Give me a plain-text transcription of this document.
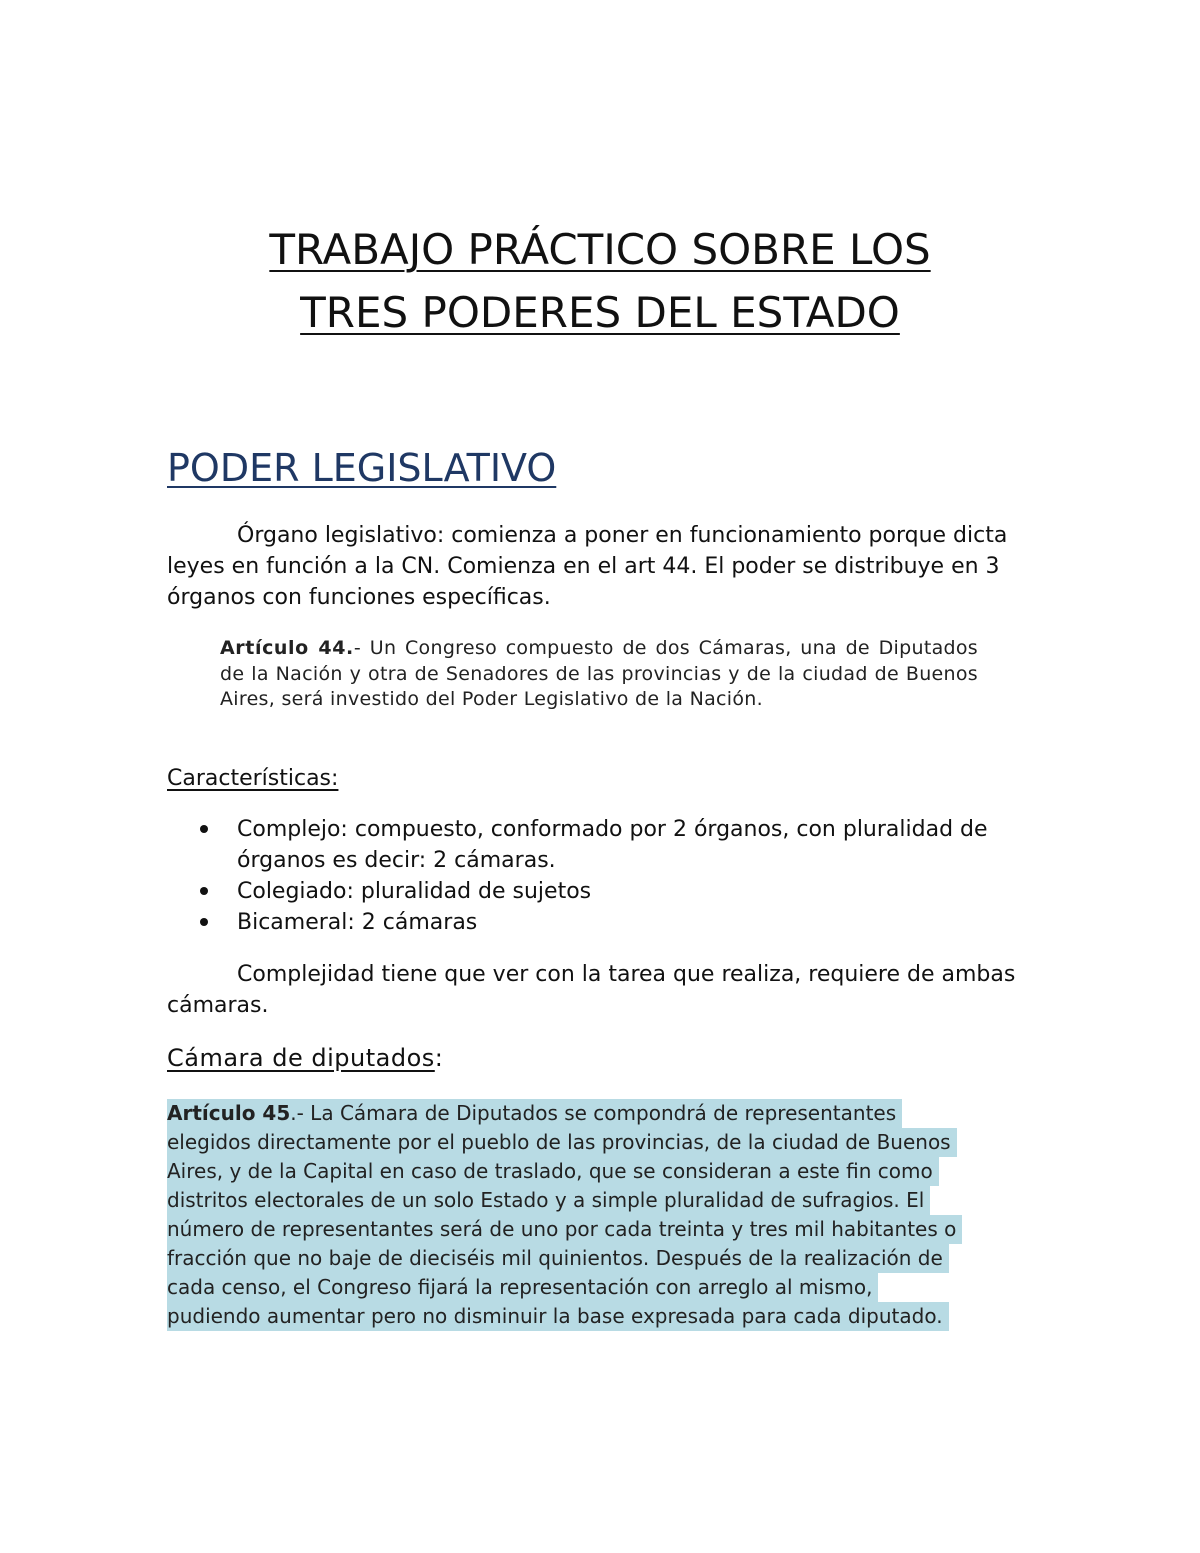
TRABAJO PRÁCTICO SOBRE LOS
TRES PODERES DEL ESTADO
PODER LEGISLATIVO
Órgano legislativo: comienza a poner en funcionamiento porque dicta leyes en función a la CN. Comienza en el art 44. El poder se distribuye en 3 órganos con funciones específicas.
Artículo 44.- Un Congreso compuesto de dos Cámaras, una de Diputados de la Nación y otra de Senadores de las provincias y de la ciudad de Buenos Aires, será investido del Poder Legislativo de la Nación.
Características:
Complejo: compuesto, conformado por 2 órganos, con pluralidad de órganos es decir: 2 cámaras.
Colegiado: pluralidad de sujetos
Bicameral: 2 cámaras
Complejidad tiene que ver con la tarea que realiza, requiere de ambas cámaras.
Cámara de diputados:
Artículo 45.- La Cámara de Diputados se compondrá de representantes
elegidos directamente por el pueblo de las provincias, de la ciudad de Buenos
Aires, y de la Capital en caso de traslado, que se consideran a este fin como
distritos electorales de un solo Estado y a simple pluralidad de sufragios. El
número de representantes será de uno por cada treinta y tres mil habitantes o
fracción que no baje de dieciséis mil quinientos. Después de la realización de
cada censo, el Congreso fijará la representación con arreglo al mismo,
pudiendo aumentar pero no disminuir la base expresada para cada diputado.
